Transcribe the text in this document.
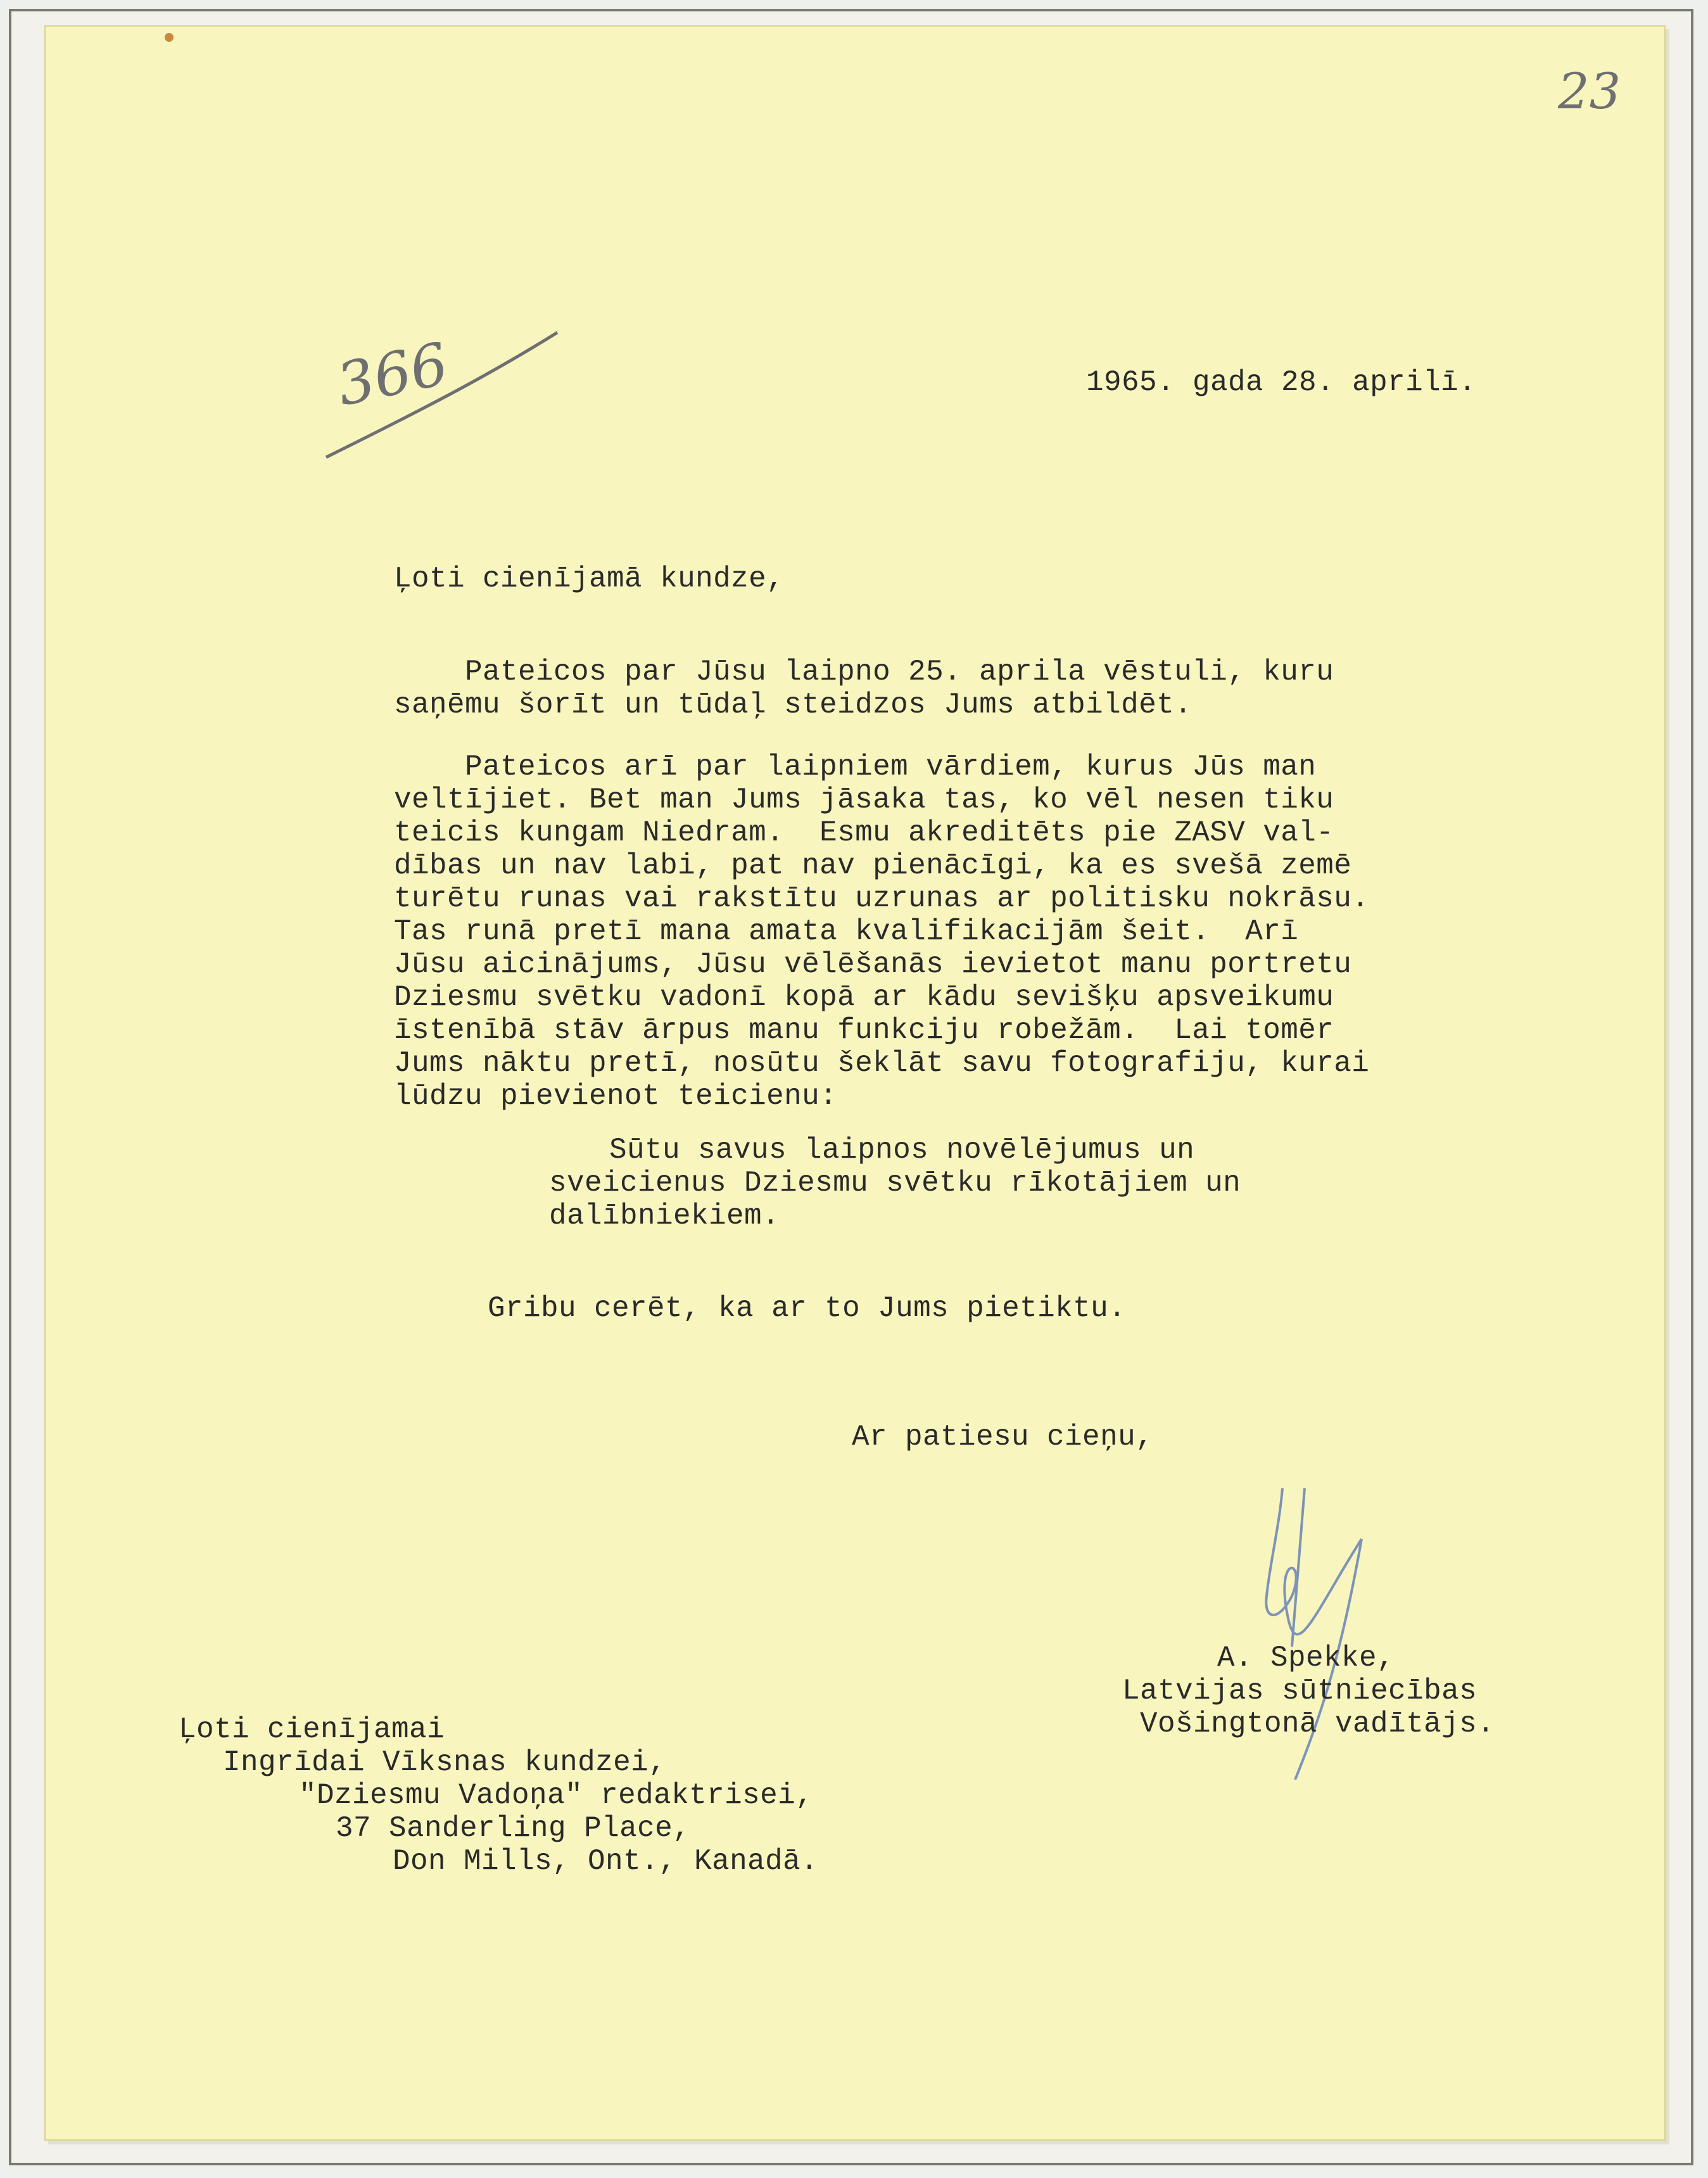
23
366	1965. gada 28. aprilī.
Ļoti cienījamā kundze,
Pateicos par Jūsu laipno 25. aprilа vēstuli, kuru
saņēmu šorīt un tūdaļ steidzos Jums atbildēt.
Pateicos arī par laipniem vārdiem, kurus Jūs man
veltījiet. Bet man Jums jāsaka tas, ko vēl nesen tiku
teicis kungam Niedram.  Esmu akreditēts pie ZASV val-
dības un nav labi, pat nav pienācīgi, ka es svešā zemē
turētu runas vai rakstītu uzrunas ar politisku nokrāsu.
Tas runā pretī mana amata kvalifikacijām šeit.  Arī
Jūsu aicinājums, Jūsu vēlēšanās ievietot manu portretu
Dziesmu svētku vadonī kopā ar kādu sevišķu apsveikumu
īstenībā stāv ārpus manu funkciju robežām.  Lai tomēr
Jums nāktu pretī, nosūtu šeklāt savu fotografiju, kurai
lūdzu pievienot teicienu:
Sūtu savus laipnos novēlējumus un
sveicienus Dziesmu svētku rīkotājiem un
dalībniekiem.
Gribu cerēt, ka ar to Jums pietiktu.
Ar patiesu cieņu,
A. Spekke,
Latvijas sūtniecības
Vošingtonā vadītājs.
Ļoti cienījamai
Ingrīdai Vīksnas kundzei,
"Dziesmu Vadoņa" redaktrisei,
37 Sanderling Place,
Don Mills, Ont., Kanadā.
